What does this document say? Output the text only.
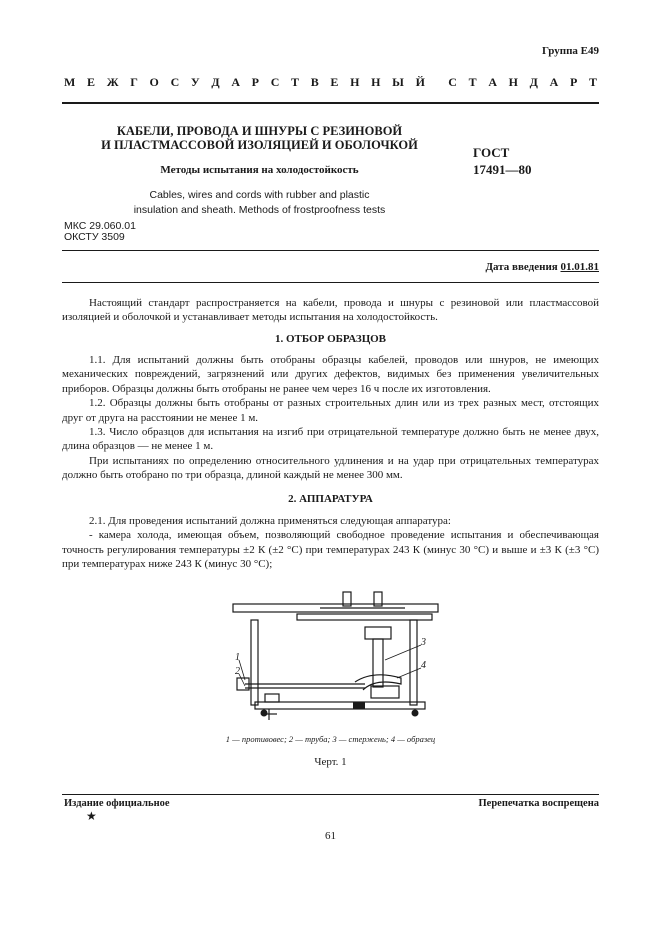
Группа Е49
М Е Ж Г О С У Д А Р С Т В Е Н Н Ы Й С Т А Н Д А Р Т
КАБЕЛИ, ПРОВОДА И ШНУРЫ С РЕЗИНОВОЙ
И ПЛАСТМАССОВОЙ ИЗОЛЯЦИЕЙ И ОБОЛОЧКОЙ
Методы испытания на холодостойкость
Cables, wires and cords with rubber and plastic
insulation and sheath. Methods of frostproofness tests
ГОСТ
17491—80
МКС 29.060.01
ОКСТУ 3509
Дата введения 01.01.81

Настоящий стандарт распространяется на кабели, провода и шнуры с резиновой или пластмассовой изоляцией и оболочкой и устанавливает методы испытания на холодостойкость.

1. ОТБОР ОБРАЗЦОВ

1.1. Для испытаний должны быть отобраны образцы кабелей, проводов или шнуров, не имеющих механических повреждений, загрязнений или других дефектов, видимых без применения увеличительных приборов. Образцы должны быть отобраны не ранее чем через 16 ч после их изготовления.

1.2. Образцы должны быть отобраны от разных строительных длин или из трех разных мест, отстоящих друг от друга на расстоянии не менее 1 м.

1.3. Число образцов для испытания на изгиб при отрицательной температуре должно быть не менее двух, длина образцов — не менее 1 м.

При испытаниях по определению относительного удлинения и на удар при отрицательных температурах должно быть отобрано по три образца, длиной каждый не менее 300 мм.

2. АППАРАТУРА

2.1. Для проведения испытаний должна применяться следующая аппаратура:

- камера холода, имеющая объем, позволяющий свободное проведение испытания и обеспечивающая точность регулирования температуры ±2 К (±2 °С) при температурах 243 К (минус 30 °С) и выше и ±3 К (±3 °С) при температурах ниже 243 К (минус 30 °С);

1
2
3
4
1 — противовес; 2 — труба; 3 — стержень; 4 — образец
Черт. 1
Издание официальное	Перепечатка воспрещена
★
61
